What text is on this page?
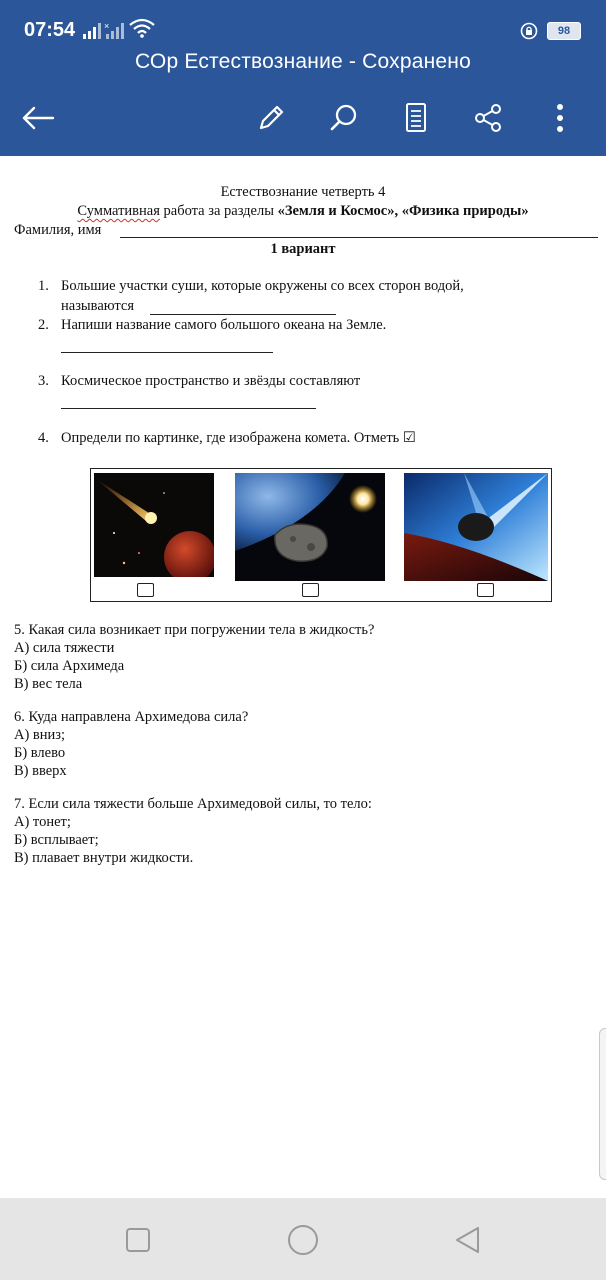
07:54	×	98
СОр Естествознание - Сохранено
Естествознание четверть 4
Суммативная работа за разделы «Земля и Космос», «Физика природы»
Фамилия, имя
1 вариант
1. Большие участки суши, которые окружены со всех сторон водой,
называются
2. Напиши название самого большого океана на Земле.
3. Космическое пространство и звёзды составляют
4. Определи по картинке, где изображена комета. Отметь ☑
5. Какая сила возникает при погружении тела в жидкость?
А) сила тяжести
Б) сила Архимеда
В) вес тела
6. Куда направлена Архимедова сила?
А) вниз;
Б) влево
В) вверх
7. Если сила тяжести больше Архимедовой силы, то тело:
А) тонет;
Б) всплывает;
В) плавает внутри жидкости.
